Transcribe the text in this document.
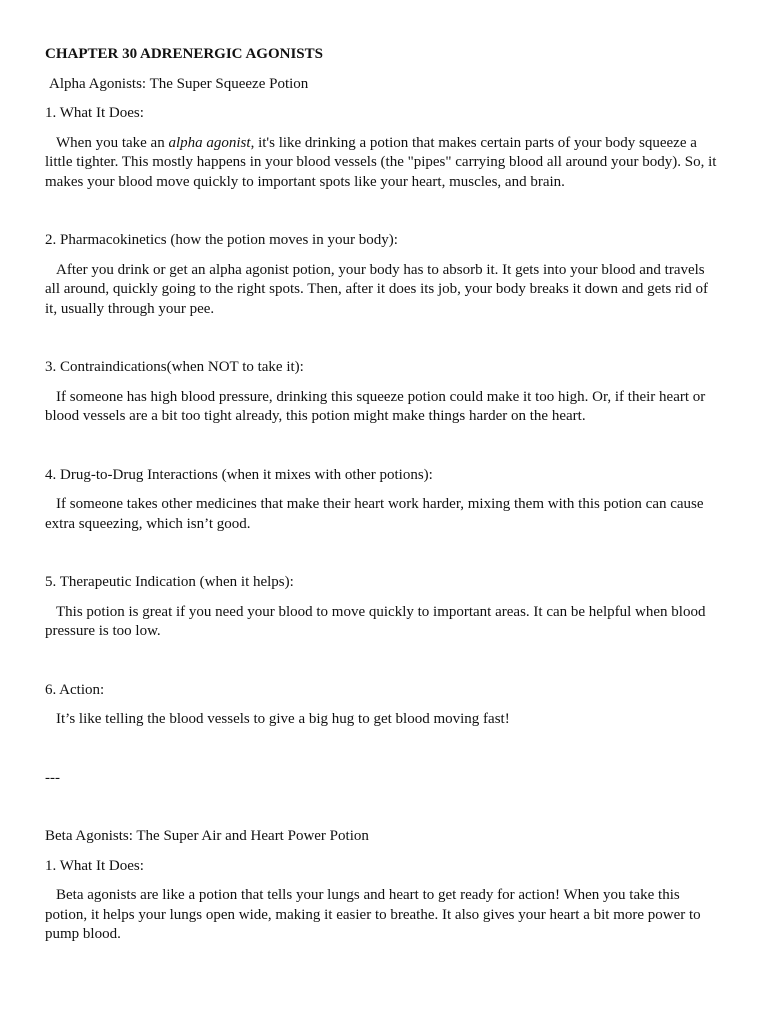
CHAPTER 30 ADRENERGIC AGONISTS

Alpha Agonists: The Super Squeeze Potion

1. What It Does:

When you take an alpha agonist, it's like drinking a potion that makes certain parts of your body squeeze a little tighter. This mostly happens in your blood vessels (the "pipes" carrying blood all around your body). So, it makes your blood move quickly to important spots like your heart, muscles, and brain.

2. Pharmacokinetics (how the potion moves in your body):

After you drink or get an alpha agonist potion, your body has to absorb it. It gets into your blood and travels all around, quickly going to the right spots. Then, after it does its job, your body breaks it down and gets rid of it, usually through your pee.

3. Contraindications(when NOT to take it):

If someone has high blood pressure, drinking this squeeze potion could make it too high. Or, if their heart or blood vessels are a bit too tight already, this potion might make things harder on the heart.

4. Drug-to-Drug Interactions (when it mixes with other potions):

If someone takes other medicines that make their heart work harder, mixing them with this potion can cause extra squeezing, which isn’t good.

5. Therapeutic Indication (when it helps):

This potion is great if you need your blood to move quickly to important areas. It can be helpful when blood pressure is too low.

6. Action:

It’s like telling the blood vessels to give a big hug to get blood moving fast!

---

Beta Agonists: The Super Air and Heart Power Potion

1. What It Does:

Beta agonists are like a potion that tells your lungs and heart to get ready for action! When you take this potion, it helps your lungs open wide, making it easier to breathe. It also gives your heart a bit more power to pump blood.
